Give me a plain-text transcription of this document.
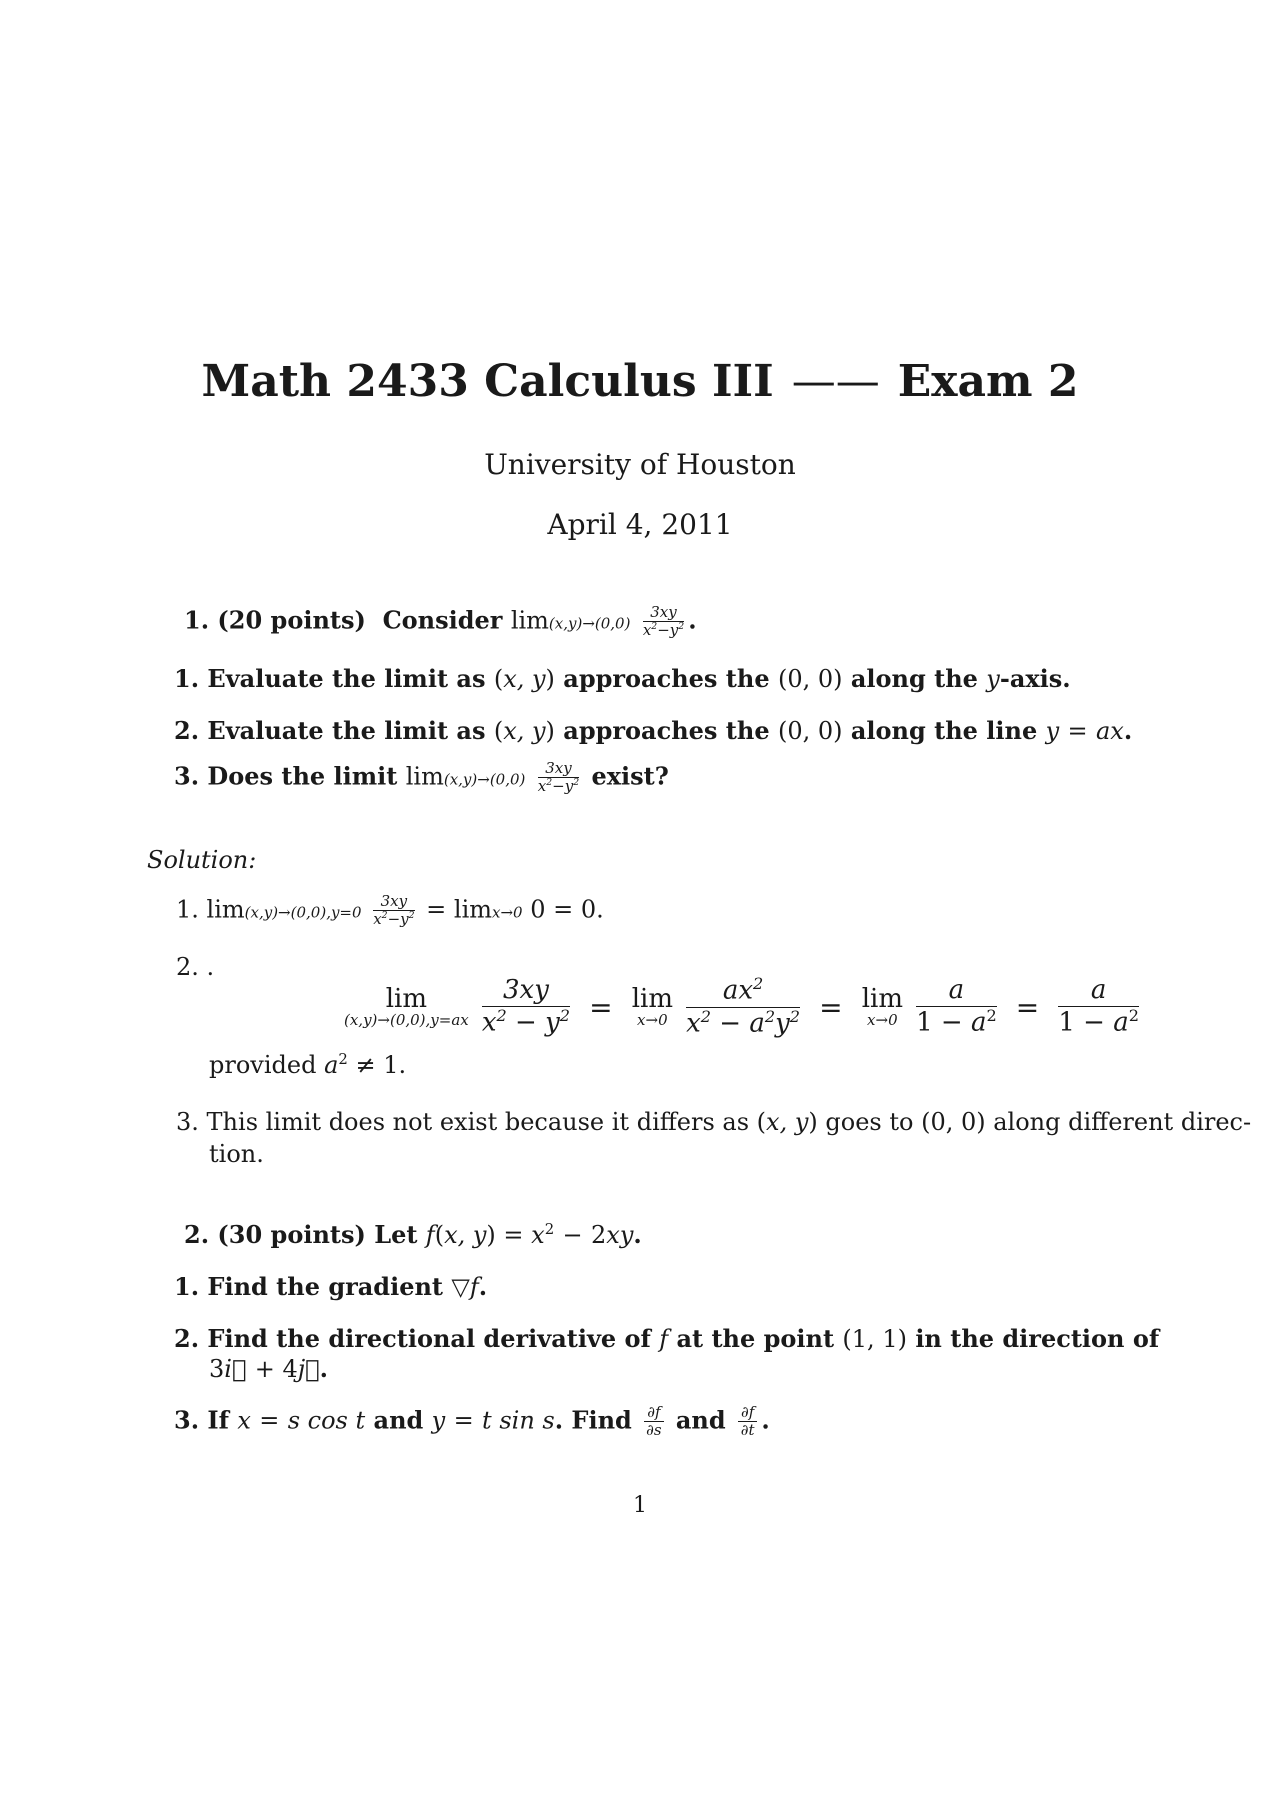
Math 2433 Calculus III —— Exam 2
University of Houston
April 4, 2011
1. (20 points) Consider $\lim(x,y)\to(0,0) \frac{3xy}{x^2-y^2}$ .
1. Evaluate the limit as (x, y) approaches the (0, 0) along the y-axis.
2. Evaluate the limit as (x, y) approaches the (0, 0) along the line y = ax.
3. Does the limit $\lim(x,y)\to(0,0) \frac{3xy}{x^2-y^2}$ exist?
Solution:
1. $\lim(x,y)\to(0,0),y=0 \frac{3xy}{x^2-y^2} = \lim x\to 0$ 0 = 0.
2. .
lim
(x,y)→(0,0),y=ax
$\frac{3xy}{x^2 - y^2} = \lim$
x→0
$\frac{ax^2}{x^2 - a^2y^2} = \lim$
x→0
$\frac{a}{1 - a^2} = \frac{a}{1 - a^2}$
provided $a^2 \ne 1$.
3. This limit does not exist because it differs as (x, y) goes to (0, 0) along different direc-
tion.
2. (30 points) Let f(x, $y) = x^2 - 2xy$.
1. Find the gradient ▽f.
2. Find the directional derivative of f at the point (1, 1) in the direction of
3i⃗ + 4j⃗.
3. If x = s cos t and y = t sin s. Find $\frac{\partial f}{\partial s}$ and $\frac{\partial f}{\partial t}$ .
1
